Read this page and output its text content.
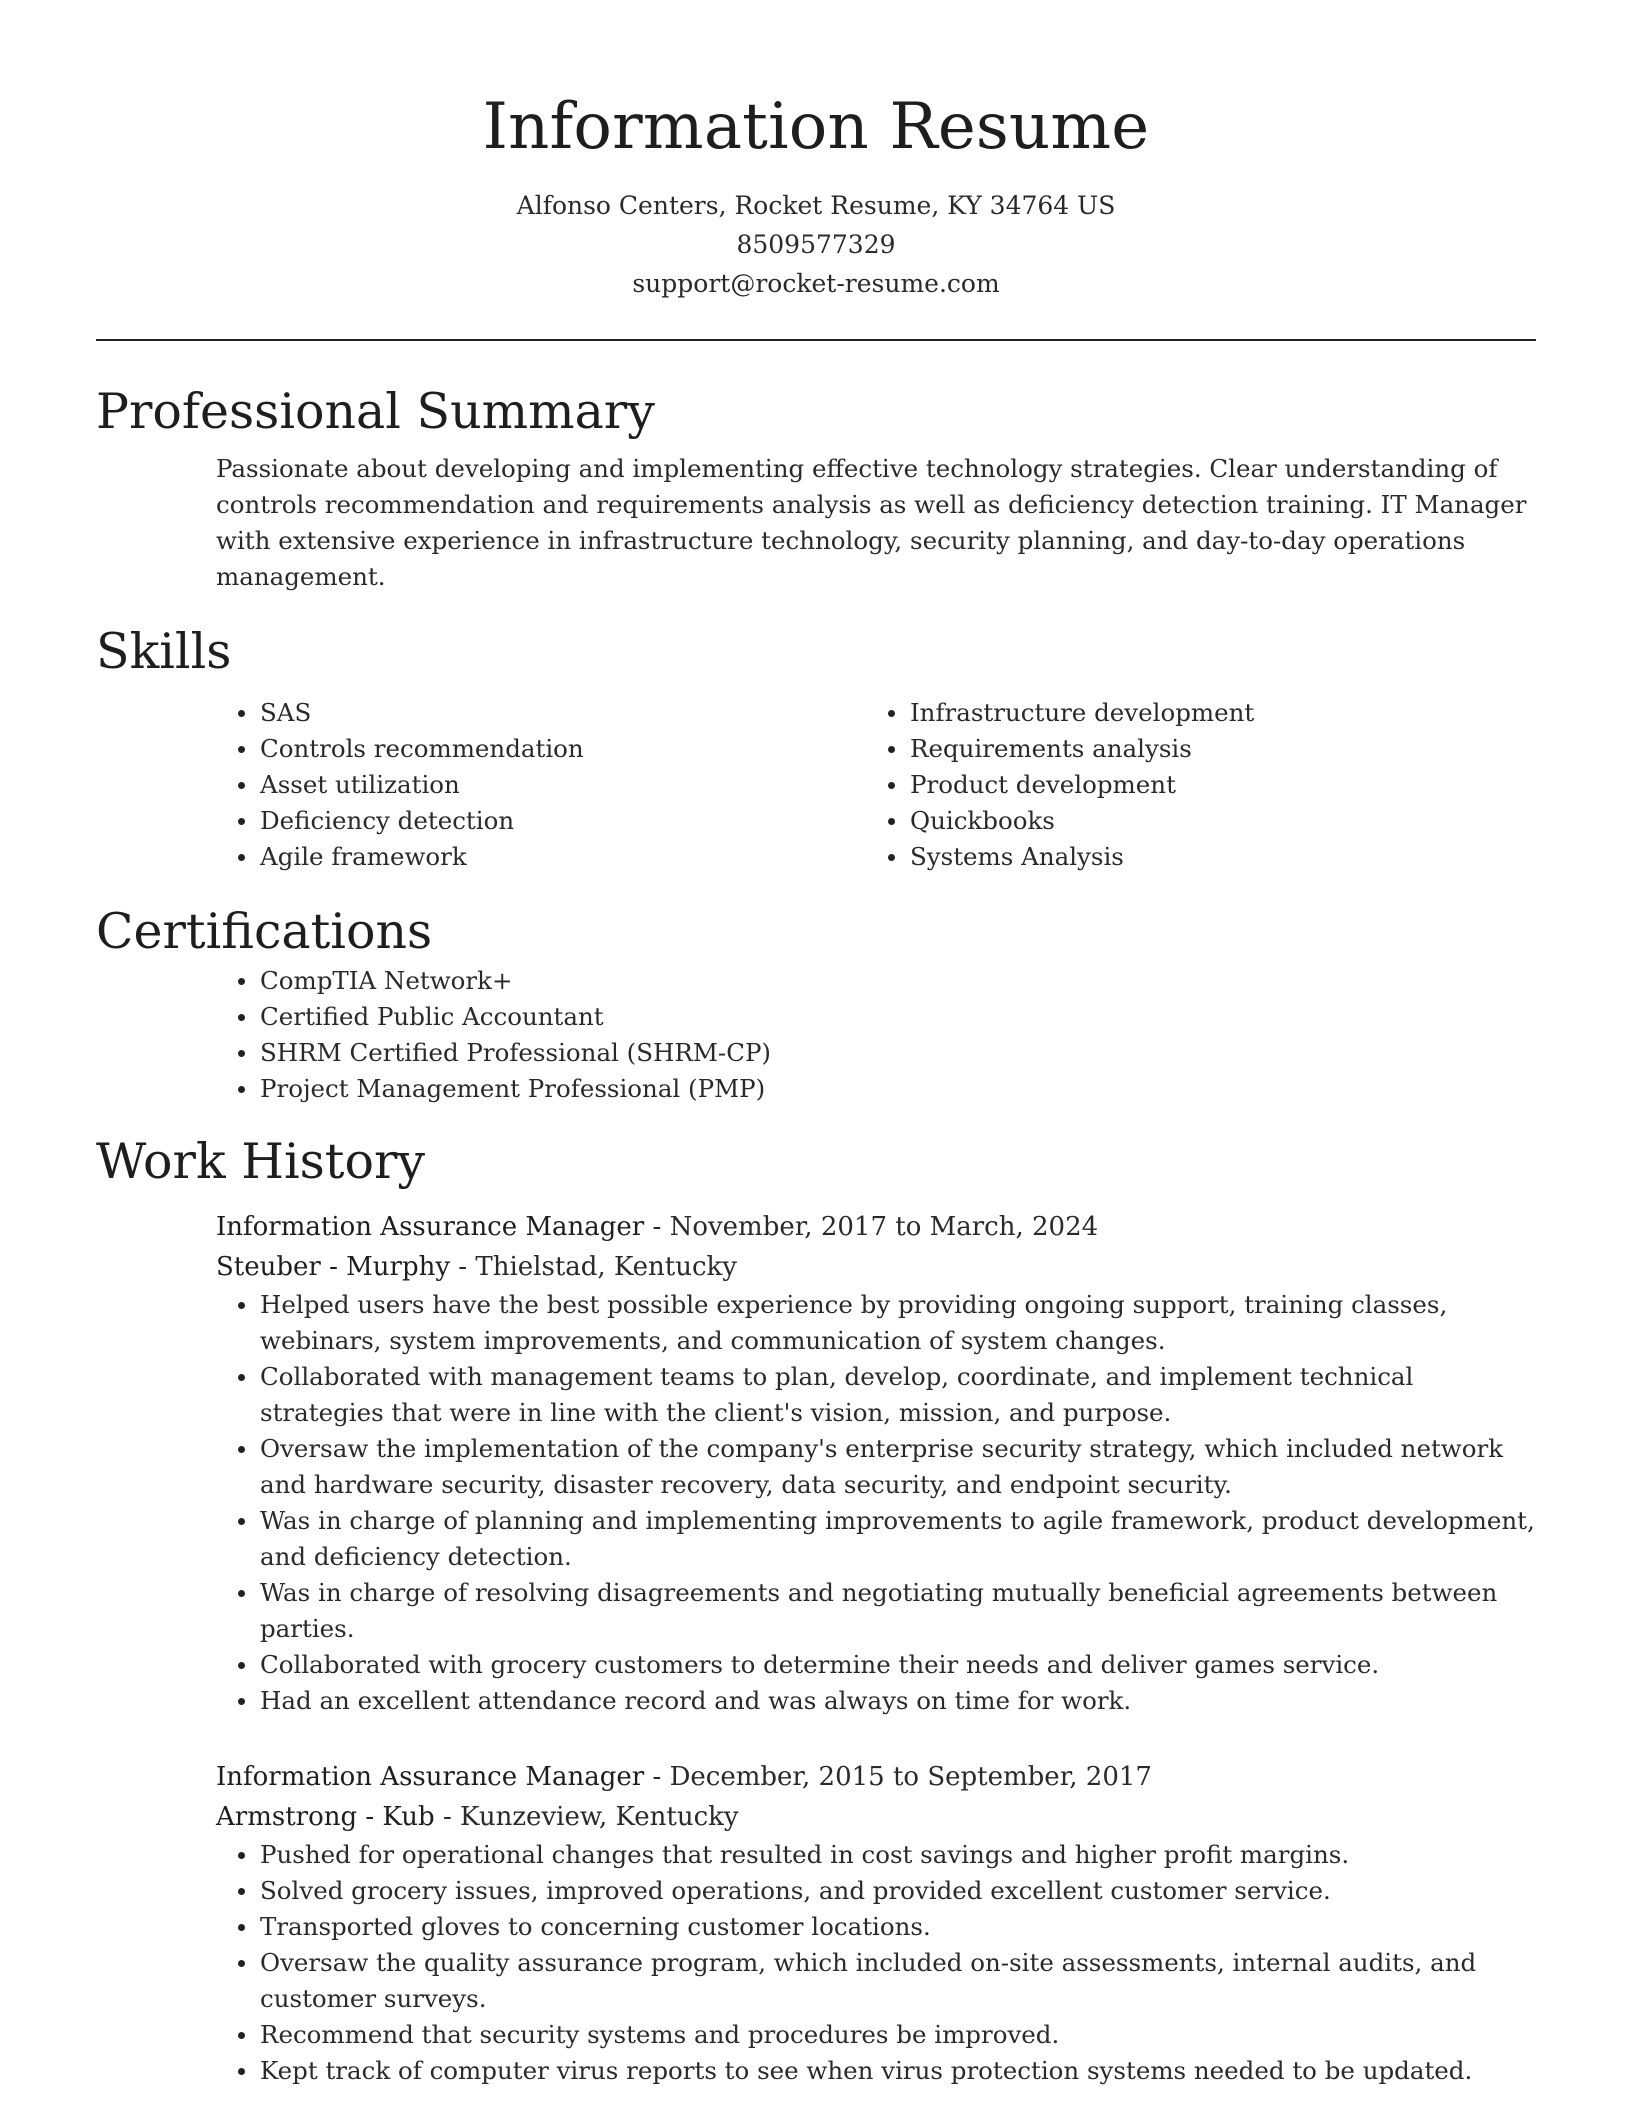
Information Resume
Alfonso Centers, Rocket Resume, KY 34764 US
8509577329
support@rocket-resume.com
Professional Summary

Passionate about developing and implementing effective technology strategies. Clear understanding of controls recommendation and requirements analysis as well as deficiency detection training. IT Manager with extensive experience in infrastructure technology, security planning, and day-to-day operations management.

Skills
SAS
Controls recommendation
Asset utilization
Deficiency detection
Agile framework
Infrastructure development
Requirements analysis
Product development
Quickbooks
Systems Analysis
Certifications
CompTIA Network+
Certified Public Accountant
SHRM Certified Professional (SHRM-CP)
Project Management Professional (PMP)
Work History
Information Assurance Manager - November, 2017 to March, 2024
Steuber - Murphy - Thielstad, Kentucky
Helped users have the best possible experience by providing ongoing support, training classes, webinars, system improvements, and communication of system changes.
Collaborated with management teams to plan, develop, coordinate, and implement technical strategies that were in line with the client's vision, mission, and purpose.
Oversaw the implementation of the company's enterprise security strategy, which included network and hardware security, disaster recovery, data security, and endpoint security.
Was in charge of planning and implementing improvements to agile framework, product development, and deficiency detection.
Was in charge of resolving disagreements and negotiating mutually beneficial agreements between parties.
Collaborated with grocery customers to determine their needs and deliver games service.
Had an excellent attendance record and was always on time for work.
Information Assurance Manager - December, 2015 to September, 2017
Armstrong - Kub - Kunzeview, Kentucky
Pushed for operational changes that resulted in cost savings and higher profit margins.
Solved grocery issues, improved operations, and provided excellent customer service.
Transported gloves to concerning customer locations.
Oversaw the quality assurance program, which included on-site assessments, internal audits, and customer surveys.
Recommend that security systems and procedures be improved.
Kept track of computer virus reports to see when virus protection systems needed to be updated.
